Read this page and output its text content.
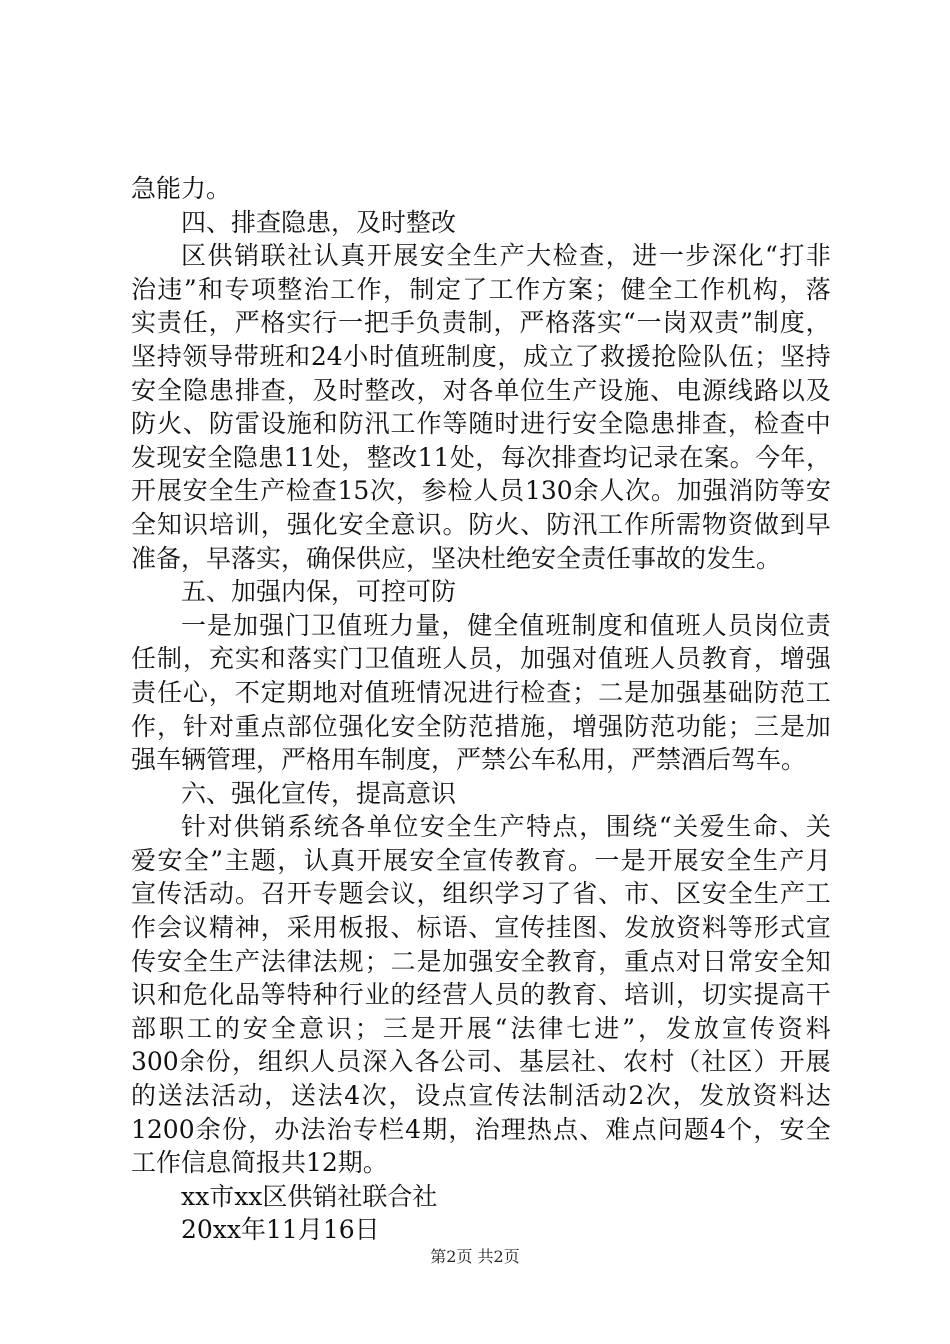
急能力。
四、排查隐患，及时整改
区 供 销 联 社 认 真 开 展 安 全 生 产 大 检 查 ， 进 一 步 深 化 “ 打 非
治 违 ” 和 专 项 整 治 工 作 ， 制 定 了 工 作 方 案 ； 健 全 工 作 机 构 ， 落
实 责 任 ， 严 格 实 行 一 把 手 负 责 制 ， 严 格 落 实 “ 一 岗 双 责 ” 制 度 ，
坚 持 领 导 带 班 和 24 小 时 值 班 制 度 ， 成 立 了 救 援 抢 险 队 伍 ； 坚 持
安 全 隐 患 排 查 ， 及 时 整 改 ， 对 各 单 位 生 产 设 施 、 电 源 线 路 以 及
防 火 、 防 雷 设 施 和 防 汛 工 作 等 随 时 进 行 安 全 隐 患 排 查 ， 检 查 中
发 现 安 全 隐 患 11 处 ， 整 改 11 处 ， 每 次 排 查 均 记 录 在 案 。 今 年 ，
开 展 安 全 生 产 检 查 15 次 ， 参 检 人 员 130 余 人 次 。 加 强 消 防 等 安
全 知 识 培 训 ， 强 化 安 全 意 识 。 防 火 、 防 汛 工 作 所 需 物 资 做 到 早
准备，早落实，确保供应，坚决杜绝安全责任事故的发生。
五、加强内保，可控可防
一 是 加 强 门 卫 值 班 力 量 ， 健 全 值 班 制 度 和 值 班 人 员 岗 位 责
任 制 ， 充 实 和 落 实 门 卫 值 班 人 员 ， 加 强 对 值 班 人 员 教 育 ， 增 强
责 任 心 ， 不 定 期 地 对 值 班 情 况 进 行 检 查 ； 二 是 加 强 基 础 防 范 工
作 ， 针 对 重 点 部 位 强 化 安 全 防 范 措 施 ， 增 强 防 范 功 能 ； 三 是 加
强车辆管理，严格用车制度，严禁公车私用，严禁酒后驾车。
六、强化宣传，提高意识
针 对 供 销 系 统 各 单 位 安 全 生 产 特 点 ， 围 绕 “ 关 爱 生 命 、 关
爱 安 全 ” 主 题 ， 认 真 开 展 安 全 宣 传 教 育 。 一 是 开 展 安 全 生 产 月
宣 传 活 动 。 召 开 专 题 会 议 ， 组 织 学 习 了 省 、 市 、 区 安 全 生 产 工
作 会 议 精 神 ， 采 用 板 报 、 标 语 、 宣 传 挂 图 、 发 放 资 料 等 形 式 宣
传 安 全 生 产 法 律 法 规 ； 二 是 加 强 安 全 教 育 ， 重 点 对 日 常 安 全 知
识 和 危 化 品 等 特 种 行 业 的 经 营 人 员 的 教 育 、 培 训 ， 切 实 提 高 干
部 职 工 的 安 全 意 识 ； 三 是 开 展 “ 法 律 七 进 ” ， 发 放 宣 传 资 料
300 余 份 ， 组 织 人 员 深 入 各 公 司 、 基 层 社 、 农 村 （ 社 区 ） 开 展
的 送 法 活 动 ， 送 法 4 次 ， 设 点 宣 传 法 制 活 动 2 次 ， 发 放 资 料 达
1200 余 份 ， 办 法 治 专 栏 4 期 ， 治 理 热 点 、 难 点 问 题 4 个 ， 安 全
工作信息简报共12期。
xx市xx区供销社联合社
20xx年11月16日
第2页 共2页
